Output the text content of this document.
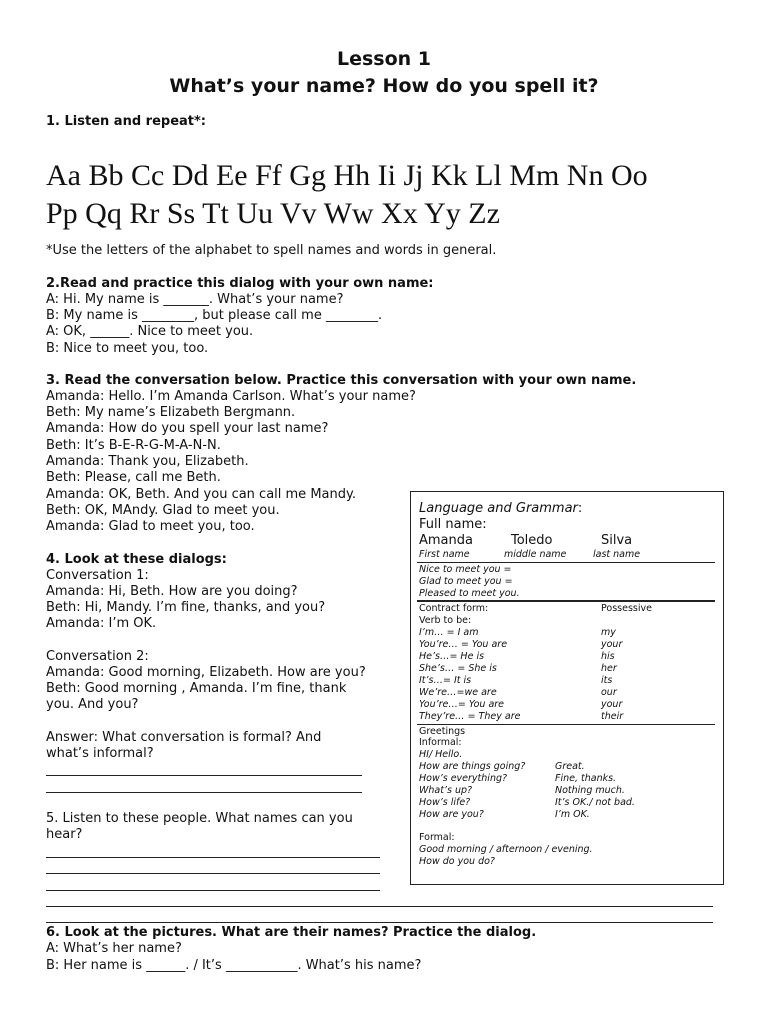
Lesson 1
What’s your name? How do you spell it?
1. Listen and repeat*:
Aa Bb Cc Dd Ee Ff Gg Hh Ii Jj Kk Ll Mm Nn Oo
Pp Qq Rr Ss Tt Uu Vv Ww Xx Yy Zz
*Use the letters of the alphabet to spell names and words in general.
2.Read and practice this dialog with your own name:
A: Hi. My name is _______. What’s your name?
B: My name is ________, but please call me ________.
A: OK, ______. Nice to meet you.
B: Nice to meet you, too.
3. Read the conversation below. Practice this conversation with your own name.
Amanda: Hello. I’m Amanda Carlson. What’s your name?
Beth: My name’s Elizabeth Bergmann.
Amanda: How do you spell your last name?
Beth: It’s B-E-R-G-M-A-N-N.
Amanda: Thank you, Elizabeth.
Beth: Please, call me Beth.
Amanda: OK, Beth. And you can call me Mandy.
Beth: OK, MAndy. Glad to meet you.
Amanda: Glad to meet you, too.
4. Look at these dialogs:
Conversation 1:
Amanda: Hi, Beth. How are you doing?
Beth: Hi, Mandy. I’m fine, thanks, and you?
Amanda: I’m OK.
Conversation 2:
Amanda: Good morning, Elizabeth. How are you?
Beth: Good morning , Amanda. I’m fine, thank
you. And you?
Answer: What conversation is formal? And
what’s informal?
5. Listen to these people. What names can you
hear?
6. Look at the pictures. What are their names? Practice the dialog.
A: What’s her name?
B: Her name is ______. / It’s ___________. What’s his name?
Language and Grammar:
Full name:
Amanda	Toledo	Silva
First name	middle name	last name
Nice to meet you =
Glad to meet you =
Pleased to meet you.
Contract form:	Possessive
Verb to be:
I’m… = I am	my
You’re… = You are	your
He’s…= He is	his
She’s… = She is	her
It’s…= It is	its
We’re…=we are	our
You’re…= You are	your
They’re… = They are	their
Greetings
Informal:
HI/ Hello.
How are things going?	Great.
How’s everything?	Fine, thanks.
What’s up?	Nothing much.
How’s life?	It’s OK./ not bad.
How are you?	I’m OK.
Formal:
Good morning / afternoon / evening.
How do you do?
